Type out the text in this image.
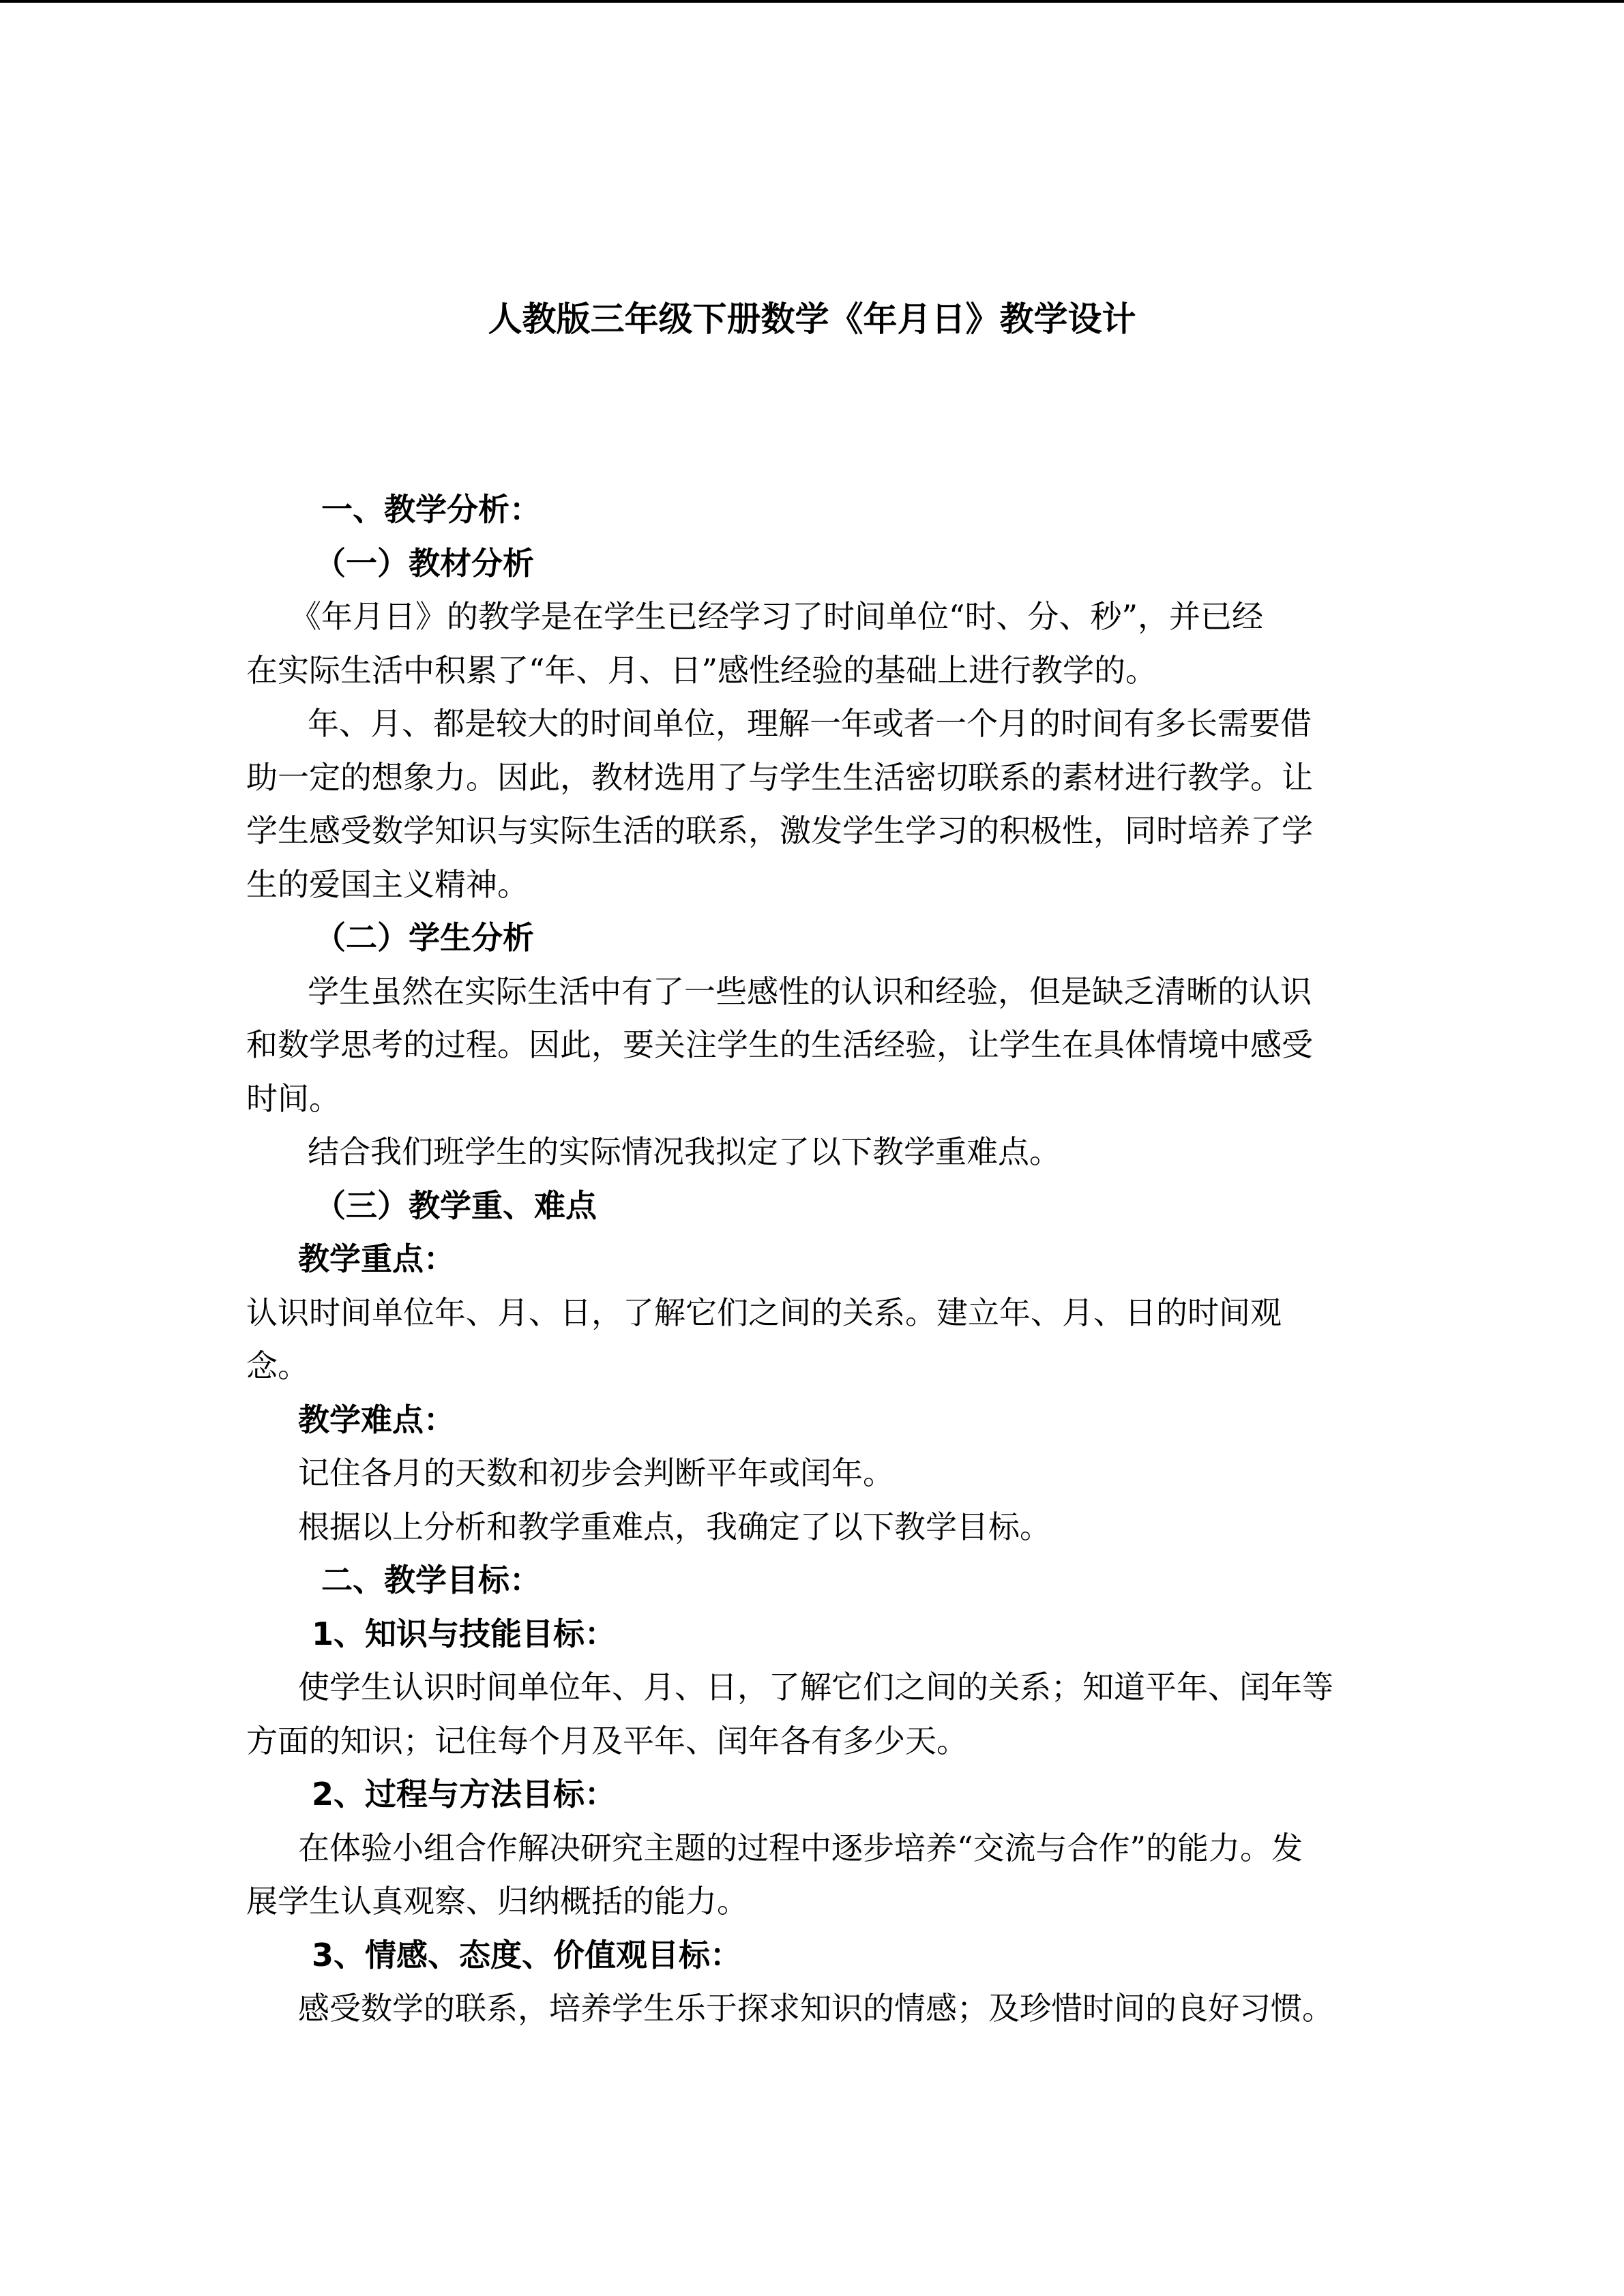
人教版三年级下册数学《年月日》教学设计
一、教学分析：
（一）教材分析
《年月日》的教学是在学生已经学习了时间单位“时、分、秒”，并已经
在实际生活中积累了“年、月、日”感性经验的基础上进行教学的。
年、月、都是较大的时间单位，理解一年或者一个月的时间有多长需要借
助一定的想象力。因此，教材选用了与学生生活密切联系的素材进行教学。让
学生感受数学知识与实际生活的联系，激发学生学习的积极性，同时培养了学
生的爱国主义精神。
（二）学生分析
学生虽然在实际生活中有了一些感性的认识和经验，但是缺乏清晰的认识
和数学思考的过程。因此，要关注学生的生活经验，让学生在具体情境中感受
时间。
结合我们班学生的实际情况我拟定了以下教学重难点。
（三）教学重、难点
教学重点：
认识时间单位年、月、日，了解它们之间的关系。建立年、月、日的时间观
念。
教学难点：
记住各月的天数和初步会判断平年或闰年。
根据以上分析和教学重难点，我确定了以下教学目标。
二、教学目标：
1、知识与技能目标：
使学生认识时间单位年、月、日，了解它们之间的关系；知道平年、闰年等
方面的知识；记住每个月及平年、闰年各有多少天。
2、过程与方法目标：
在体验小组合作解决研究主题的过程中逐步培养“交流与合作”的能力。发
展学生认真观察、归纳概括的能力。
3、情感、态度、价值观目标：
感受数学的联系，培养学生乐于探求知识的情感；及珍惜时间的良好习惯。
